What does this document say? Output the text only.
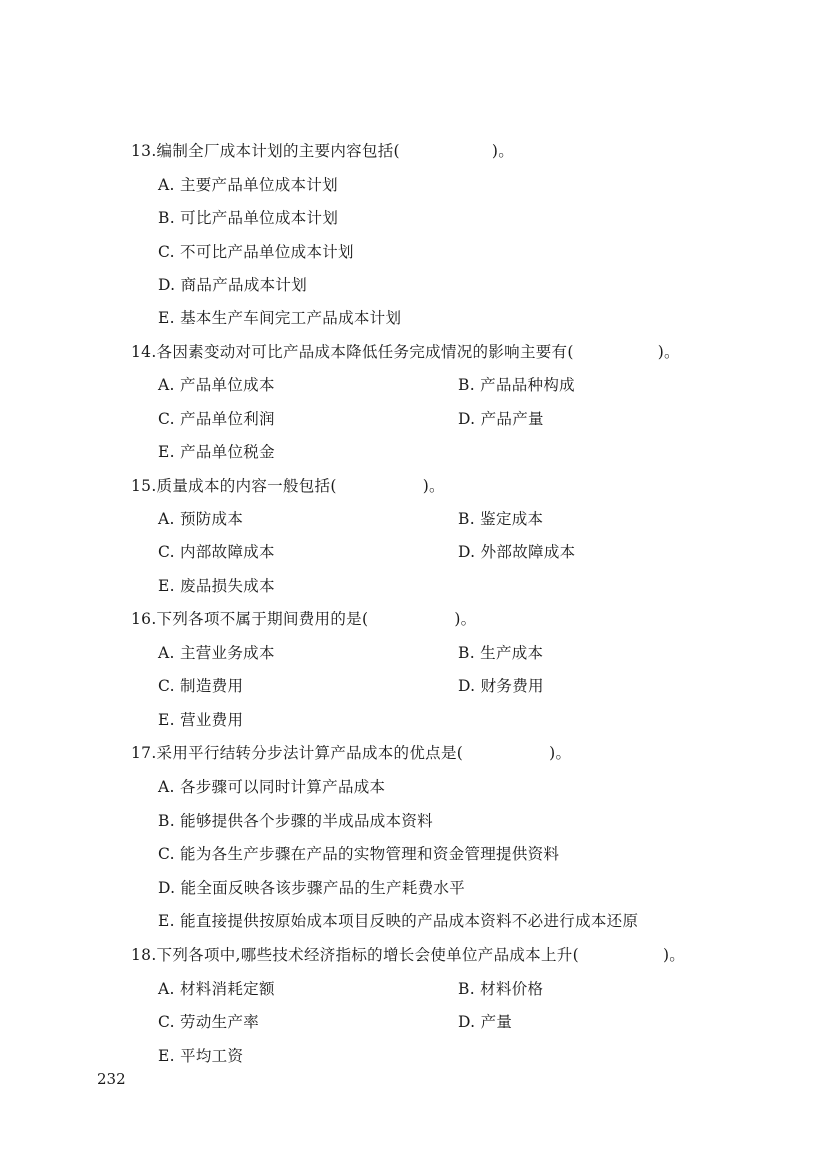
13.编制全厂成本计划的主要内容包括(	)。
A. 主要产品单位成本计划
B. 可比产品单位成本计划
C. 不可比产品单位成本计划
D. 商品产品成本计划
E. 基本生产车间完工产品成本计划
14.各因素变动对可比产品成本降低任务完成情况的影响主要有(	)。
A. 产品单位成本	B. 产品品种构成
C. 产品单位利润	D. 产品产量
E. 产品单位税金
15.质量成本的内容一般包括(	)。
A. 预防成本	B. 鉴定成本
C. 内部故障成本	D. 外部故障成本
E. 废品损失成本
16.下列各项不属于期间费用的是(	)。
A. 主营业务成本	B. 生产成本
C. 制造费用	D. 财务费用
E. 营业费用
17.采用平行结转分步法计算产品成本的优点是(	)。
A. 各步骤可以同时计算产品成本
B. 能够提供各个步骤的半成品成本资料
C. 能为各生产步骤在产品的实物管理和资金管理提供资料
D. 能全面反映各该步骤产品的生产耗费水平
E. 能直接提供按原始成本项目反映的产品成本资料不必进行成本还原
18.下列各项中,哪些技术经济指标的增长会使单位产品成本上升(	)。
A. 材料消耗定额	B. 材料价格
C. 劳动生产率	D. 产量
E. 平均工资
232
